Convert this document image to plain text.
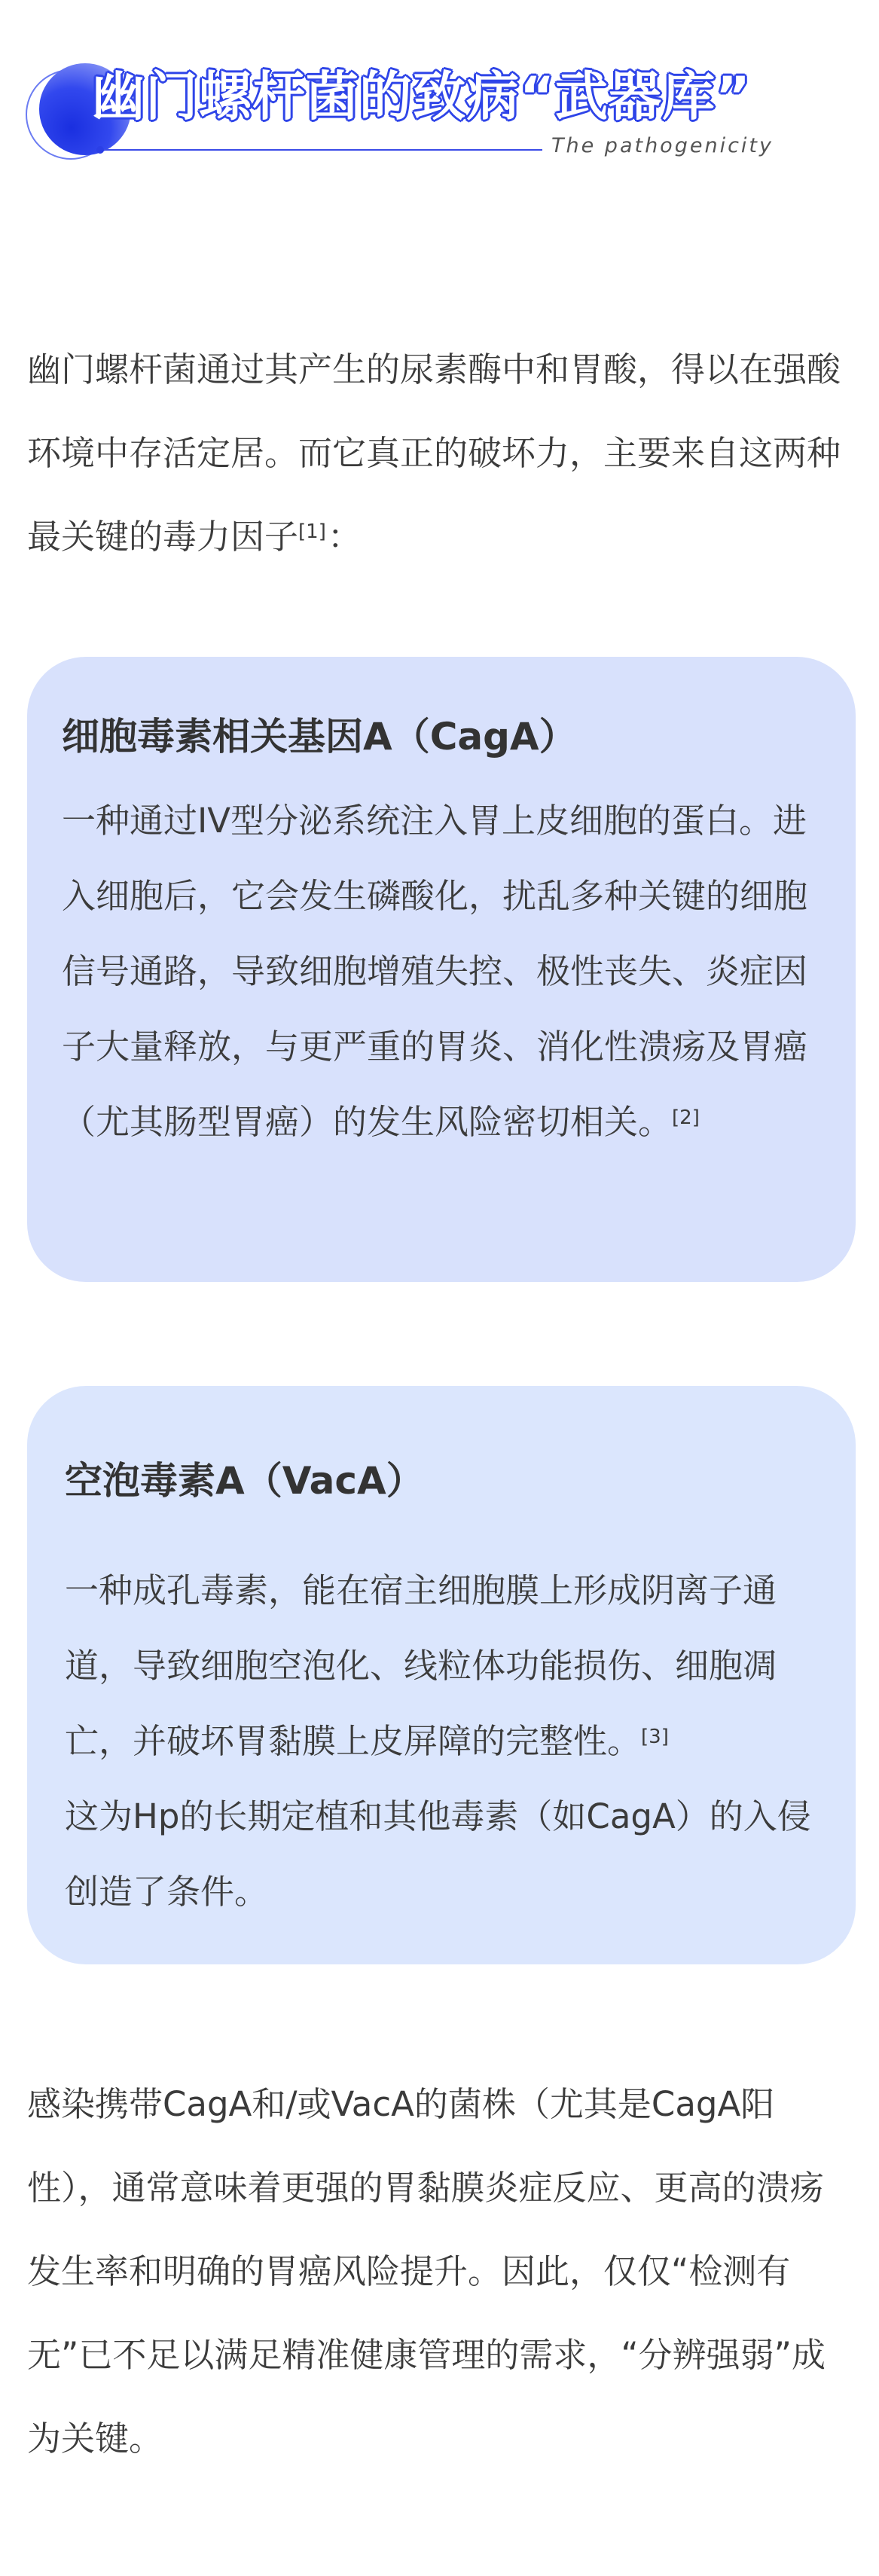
幽门螺杆菌的致病“武器库”
The pathogenicity
幽门螺杆菌通过其产生的尿素酶中和胃酸，得以在强酸环境中存活定居。而它真正的破坏力，主要来自这两种最关键的毒力因子[1]：
细胞毒素相关基因A（CagA）
一种通过IV型分泌系统注入胃上皮细胞的蛋白。进入细胞后，它会发生磷酸化，扰乱多种关键的细胞信号通路，导致细胞增殖失控、极性丧失、炎症因子大量释放，与更严重的胃炎、消化性溃疡及胃癌（尤其肠型胃癌）的发生风险密切相关。[2]
空泡毒素A（VacA）
一种成孔毒素，能在宿主细胞膜上形成阴离子通道，导致细胞空泡化、线粒体功能损伤、细胞凋亡，并破坏胃黏膜上皮屏障的完整性。[3]
这为Hp的长期定植和其他毒素（如CagA）的入侵创造了条件。
感染携带CagA和/或VacA的菌株（尤其是CagA阳性），通常意味着更强的胃黏膜炎症反应、更高的溃疡发生率和明确的胃癌风险提升。因此，仅仅“检测有无”已不足以满足精准健康管理的需求，“分辨强弱”成为关键。
